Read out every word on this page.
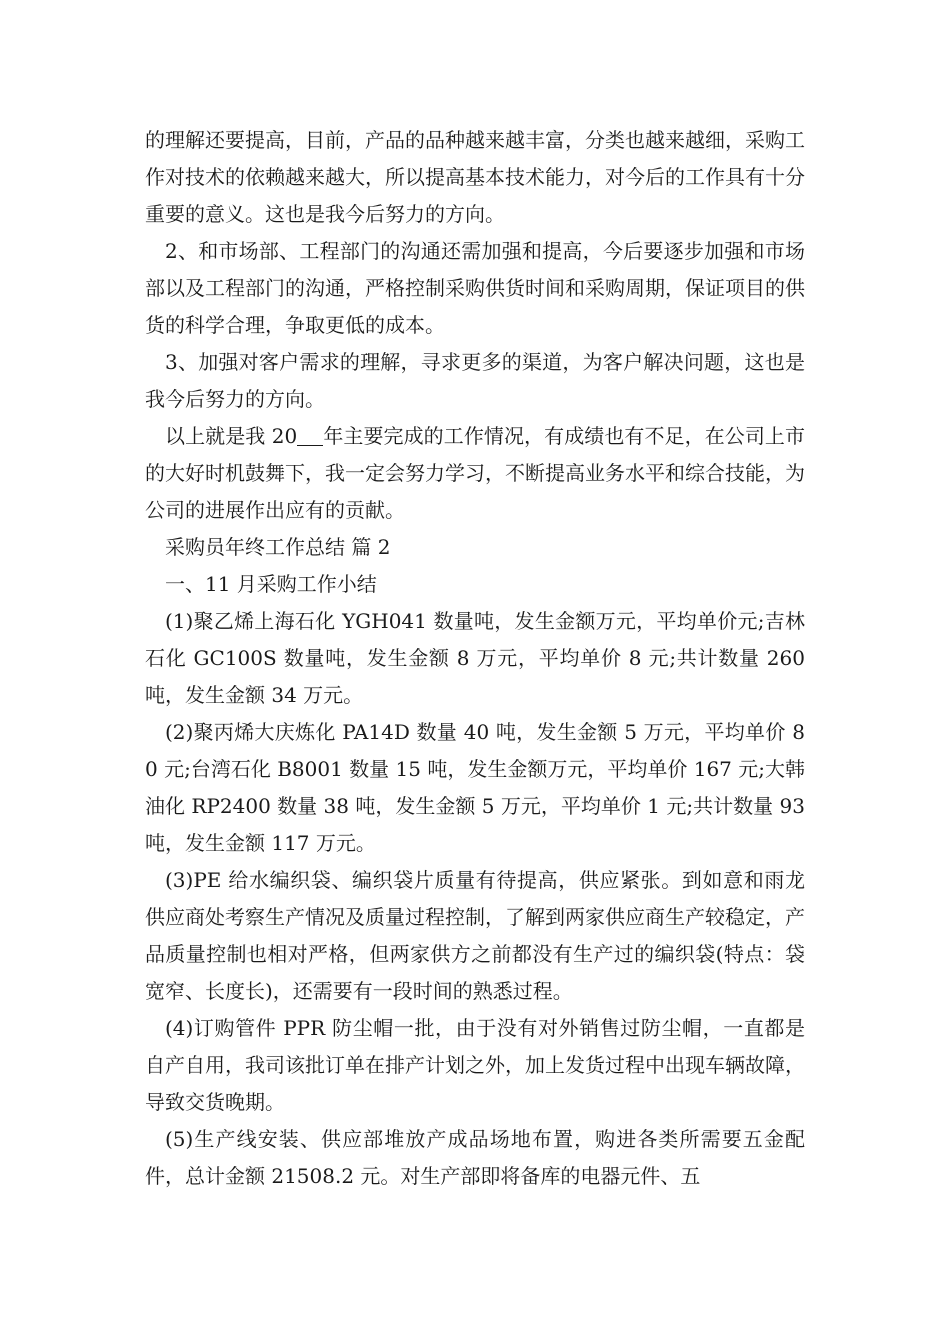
的理解还要提高，目前，产品的品种越来越丰富，分类也越来越细，采购工作对技术的依赖越来越大，所以提高基本技术能力，对今后的工作具有十分重要的意义。这也是我今后努力的方向。

2、和市场部、工程部门的沟通还需加强和提高，今后要逐步加强和市场部以及工程部门的沟通，严格控制采购供货时间和采购周期，保证项目的供货的科学合理，争取更低的成本。

3、加强对客户需求的理解，寻求更多的渠道，为客户解决问题，这也是我今后努力的方向。

以上就是我 20 年主要完成的工作情况，有成绩也有不足，在公司上市的大好时机鼓舞下，我一定会努力学习，不断提高业务水平和综合技能，为公司的进展作出应有的贡献。

采购员年终工作总结 篇 2

一、11 月采购工作小结

(1)聚乙烯上海石化 YGH041 数量吨，发生金额万元，平均单价元;吉林石化 GC100S 数量吨，发生金额 8 万元，平均单价 8 元;共计数量 260 吨，发生金额 34 万元。

(2)聚丙烯大庆炼化 PA14D 数量 40 吨，发生金额 5 万元，平均单价 80 元;台湾石化 B8001 数量 15 吨，发生金额万元，平均单价 167 元;大韩油化 RP2400 数量 38 吨，发生金额 5 万元，平均单价 1 元;共计数量 93 吨，发生金额 117 万元。

(3)PE 给水编织袋、编织袋片质量有待提高，供应紧张。到如意和雨龙供应商处考察生产情况及质量过程控制，了解到两家供应商生产较稳定，产品质量控制也相对严格，但两家供方之前都没有生产过的编织袋(特点：袋宽窄、长度长)，还需要有一段时间的熟悉过程。

(4)订购管件 PPR 防尘帽一批，由于没有对外销售过防尘帽，一直都是自产自用，我司该批订单在排产计划之外，加上发货过程中出现车辆故障，导致交货晚期。

(5)生产线安装、供应部堆放产成品场地布置，购进各类所需要五金配件，总计金额 21508.2 元。对生产部即将备库的电器元件、五
